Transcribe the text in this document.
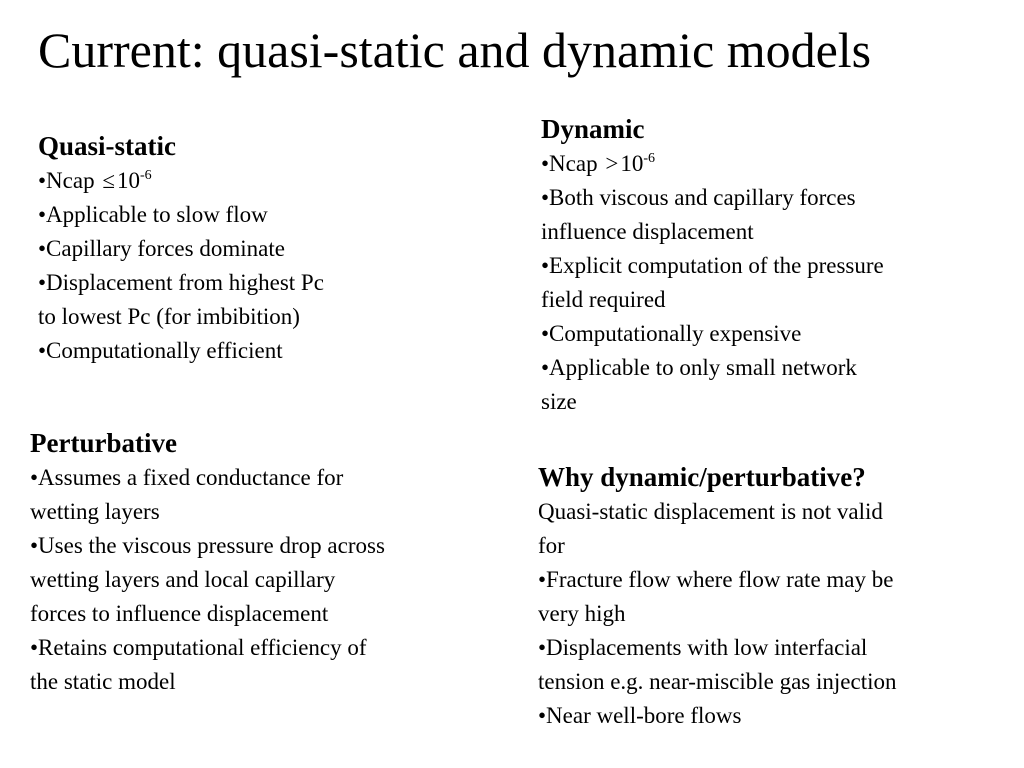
Current: quasi-static and dynamic models
Quasi-static
•Ncap $\le 10^{-6}$
•Applicable to slow flow
•Capillary forces dominate
•Displacement from highest Pc
to lowest Pc (for imbibition)
•Computationally efficient
Dynamic
•Ncap $>10^{-6}$
•Both viscous and capillary forces
influence displacement
•Explicit computation of the pressure
field required
•Computationally expensive
•Applicable to only small network
size
Perturbative
•Assumes a fixed conductance for
wetting layers
•Uses the viscous pressure drop across
wetting layers and local capillary
forces to influence displacement
•Retains computational efficiency of
the static model
Why dynamic/perturbative?
Quasi-static displacement is not valid
for
•Fracture flow where flow rate may be
very high
•Displacements with low interfacial
tension e.g. near-miscible gas injection
•Near well-bore flows
